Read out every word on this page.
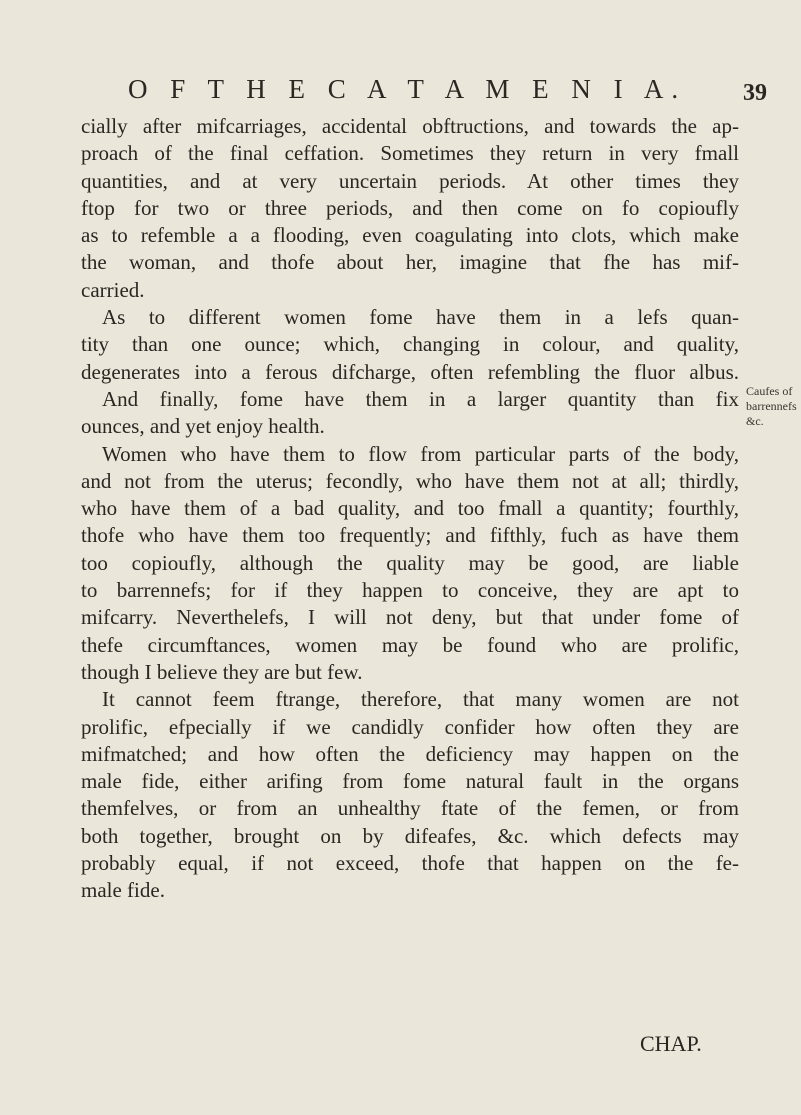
O F T H E C A T A M E N I A. 39
cially after mifcarriages, accidental obftructions, and towards the ap-
proach of the final ceffation. Sometimes they return in very fmall
quantities, and at very uncertain periods. At other times they
ftop for two or three periods, and then come on fo copioufly
as to refemble a a flooding, even coagulating into clots, which make
the woman, and thofe about her, imagine that fhe has mif-
carried.
As to different women fome have them in a lefs quan-
tity than one ounce; which, changing in colour, and quality,
degenerates into a ferous difcharge, often refembling the fluor albus.
And finally, fome have them in a larger quantity than fix
ounces, and yet enjoy health.
Women who have them to flow from particular parts of the body,
and not from the uterus; fecondly, who have them not at all; thirdly,
who have them of a bad quality, and too fmall a quantity; fourthly,
thofe who have them too frequently; and fifthly, fuch as have them
too copioufly, although the quality may be good, are liable
to barrennefs; for if they happen to conceive, they are apt to
mifcarry. Neverthelefs, I will not deny, but that under fome of
thefe circumftances, women may be found who are prolific,
though I believe they are but few.
It cannot feem ftrange, therefore, that many women are not
prolific, efpecially if we candidly confider how often they are
mifmatched; and how often the deficiency may happen on the
male fide, either arifing from fome natural fault in the organs
themfelves, or from an unhealthy ftate of the femen, or from
both together, brought on by difeafes, &c. which defects may
probably equal, if not exceed, thofe that happen on the fe-
male fide.
Caufes of
barrennefs
&c.
CHAP.
